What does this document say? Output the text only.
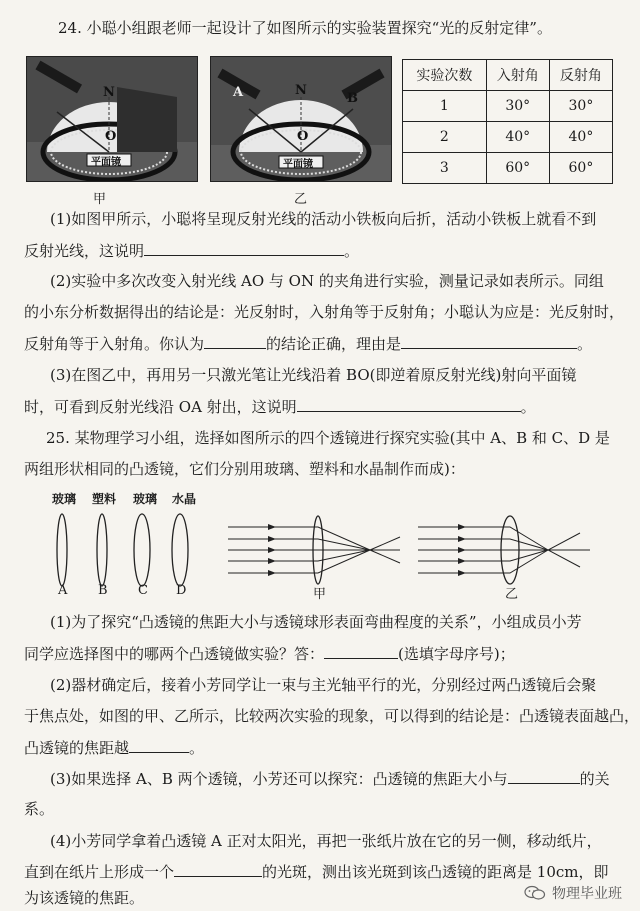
24. 小聪小组跟老师一起设计了如图所示的实验装置探究“光的反射定律”。
N
O
平面镜
甲
A	N
B
O
平面镜
乙
实验次数	入射角	反射角
1	30°	30°
2	40°	40°
3	60°	60°
(1)如图甲所示，小聪将呈现反射光线的活动小铁板向后折，活动小铁板上就看不到
反射光线，这说明	。
(2)实验中多次改变入射光线 AO 与 ON 的夹角进行实验，测量记录如表所示。同组
的小东分析数据得出的结论是：光反射时，入射角等于反射角；小聪认为应是：光反射时，
反射角等于入射角。你认为	的结论正确，理由是	。
(3)在图乙中，再用另一只激光笔让光线沿着 BO(即逆着原反射光线)射向平面镜
时，可看到反射光线沿 OA 射出，这说明	。
25. 某物理学习小组，选择如图所示的四个透镜进行探究实验(其中 A、B 和 C、D 是
两组形状相同的凸透镜，它们分别用玻璃、塑料和水晶制作而成)：
玻璃 塑料 玻璃 水晶
A B C D	甲	乙
(1)为了探究“凸透镜的焦距大小与透镜球形表面弯曲程度的关系”，小组成员小芳
同学应选择图中的哪两个凸透镜做实验？答：	(选填字母序号)；
(2)器材确定后，接着小芳同学让一束与主光轴平行的光，分别经过两凸透镜后会聚
于焦点处，如图的甲、乙所示，比较两次实验的现象，可以得到的结论是：凸透镜表面越凸，
凸透镜的焦距越	。
(3)如果选择 A、B 两个透镜，小芳还可以探究：凸透镜的焦距大小与	的关
系。
(4)小芳同学拿着凸透镜 A 正对太阳光，再把一张纸片放在它的另一侧，移动纸片，
直到在纸片上形成一个	的光斑，测出该光斑到该凸透镜的距离是 10cm，即
为该透镜的焦距。	物理毕业班
